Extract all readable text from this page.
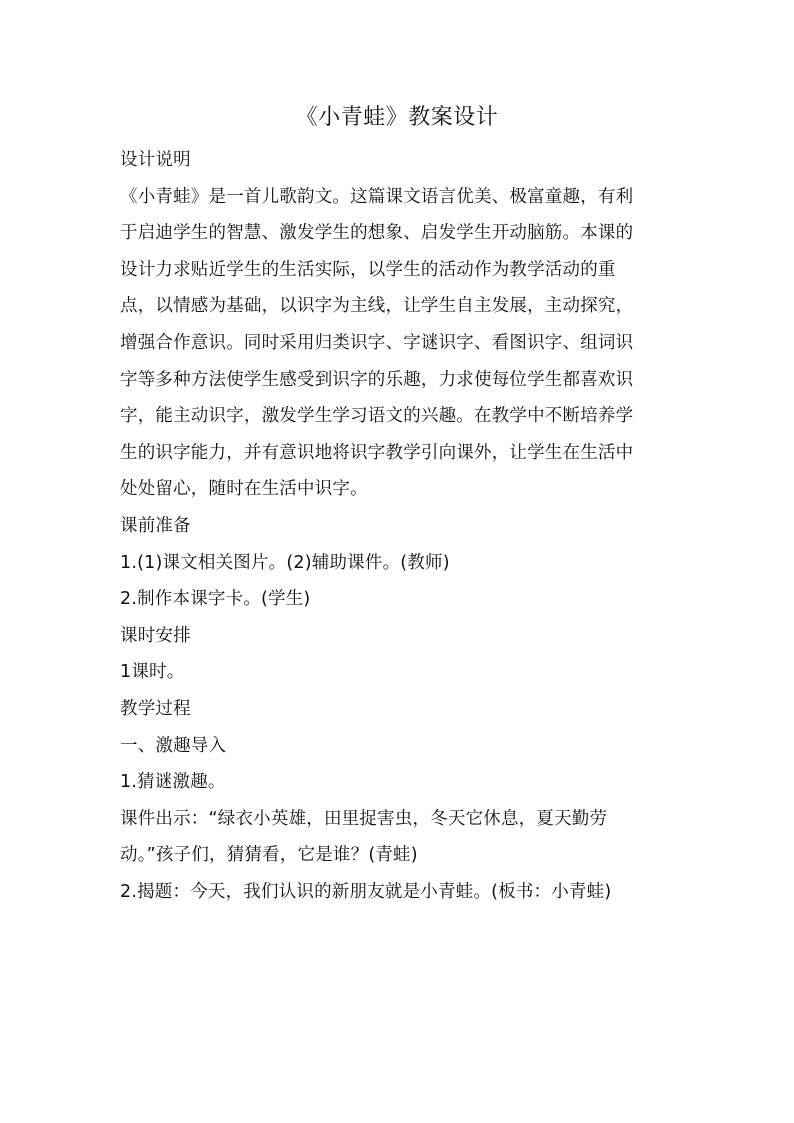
《小青蛙》教案设计
设计说明
《小青蛙》是一首儿歌韵文。这篇课文语言优美、极富童趣，有利
于启迪学生的智慧、激发学生的想象、启发学生开动脑筋。本课的
设计力求贴近学生的生活实际，以学生的活动作为教学活动的重
点，以情感为基础，以识字为主线，让学生自主发展，主动探究，
增强合作意识。同时采用归类识字、字谜识字、看图识字、组词识
字等多种方法使学生感受到识字的乐趣，力求使每位学生都喜欢识
字，能主动识字，激发学生学习语文的兴趣。在教学中不断培养学
生的识字能力，并有意识地将识字教学引向课外，让学生在生活中
处处留心，随时在生活中识字。
课前准备
1.(1)课文相关图片。(2)辅助课件。(教师)
2.制作本课字卡。(学生)
课时安排
1课时。
教学过程
一、激趣导入
1.猜谜激趣。
课件出示：“绿衣小英雄，田里捉害虫，冬天它休息，夏天勤劳
动。”孩子们，猜猜看，它是谁？(青蛙)
2.揭题：今天，我们认识的新朋友就是小青蛙。(板书：小青蛙)
